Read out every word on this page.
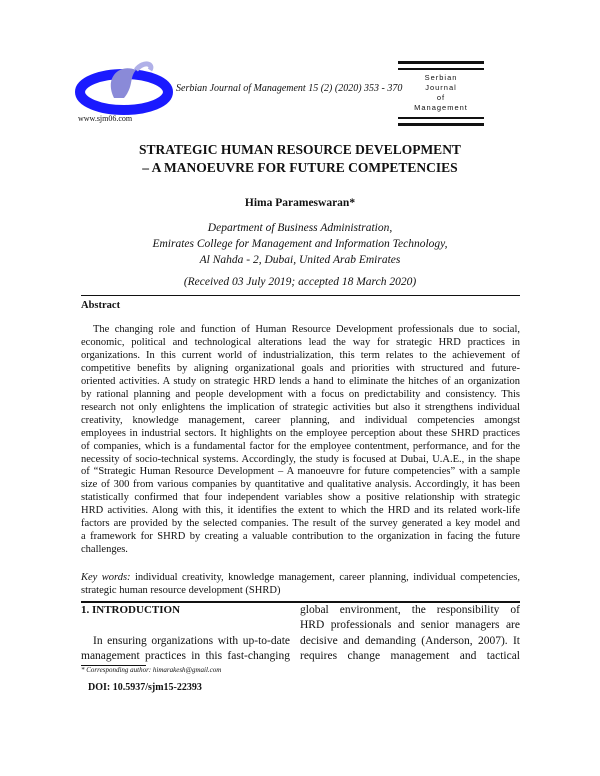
www.sjm06.com
Serbian Journal of Management 15 (2) (2020) 353 - 370
Serbian
Journal
of
Management
STRATEGIC HUMAN RESOURCE DEVELOPMENT
– A MANOEUVRE FOR FUTURE COMPETENCIES
Hima Parameswaran*
Department of Business Administration,
Emirates College for Management and Information Technology,
Al Nahda - 2, Dubai, United Arab Emirates
(Received 03 July 2019; accepted 18 March 2020)
Abstract
The changing role and function of Human Resource Development professionals due to social,
economic, political and technological alterations lead the way for strategic HRD practices in
organizations. In this current world of industrialization, this term relates to the achievement of
competitive benefits by aligning organizational goals and priorities with structured and future-
oriented activities. A study on strategic HRD lends a hand to eliminate the hitches of an organization
by rational planning and people development with a focus on predictability and consistency. This
research not only enlightens the implication of strategic activities but also it strengthens individual
creativity, knowledge management, career planning, and individual competencies amongst
employees in industrial sectors. It highlights on the employee perception about these SHRD practices
of companies, which is a fundamental factor for the employee contentment, performance, and for the
necessity of socio-technical systems. Accordingly, the study is focused at Dubai, U.A.E., in the shape
of “Strategic Human Resource Development – A manoeuvre for future competencies” with a sample
size of 300 from various companies by quantitative and qualitative analysis. Accordingly, it has been
statistically confirmed that four independent variables show a positive relationship with strategic
HRD activities. Along with this, it identifies the extent to which the HRD and its related work-life
factors are provided by the selected companies. The result of the survey generated a key model and
a framework for SHRD by creating a valuable contribution to the organization in facing the future
challenges.
Key words: individual creativity, knowledge management, career planning, individual competencies,
strategic human resource development (SHRD)
1. INTRODUCTION
In ensuring organizations with up-to-date
management practices in this fast-changing
global environment, the responsibility of
HRD professionals and senior managers are
decisive and demanding (Anderson, 2007). It
requires change management and tactical
* Corresponding author: himarakesh@gmail.com
DOI: 10.5937/sjm15-22393
